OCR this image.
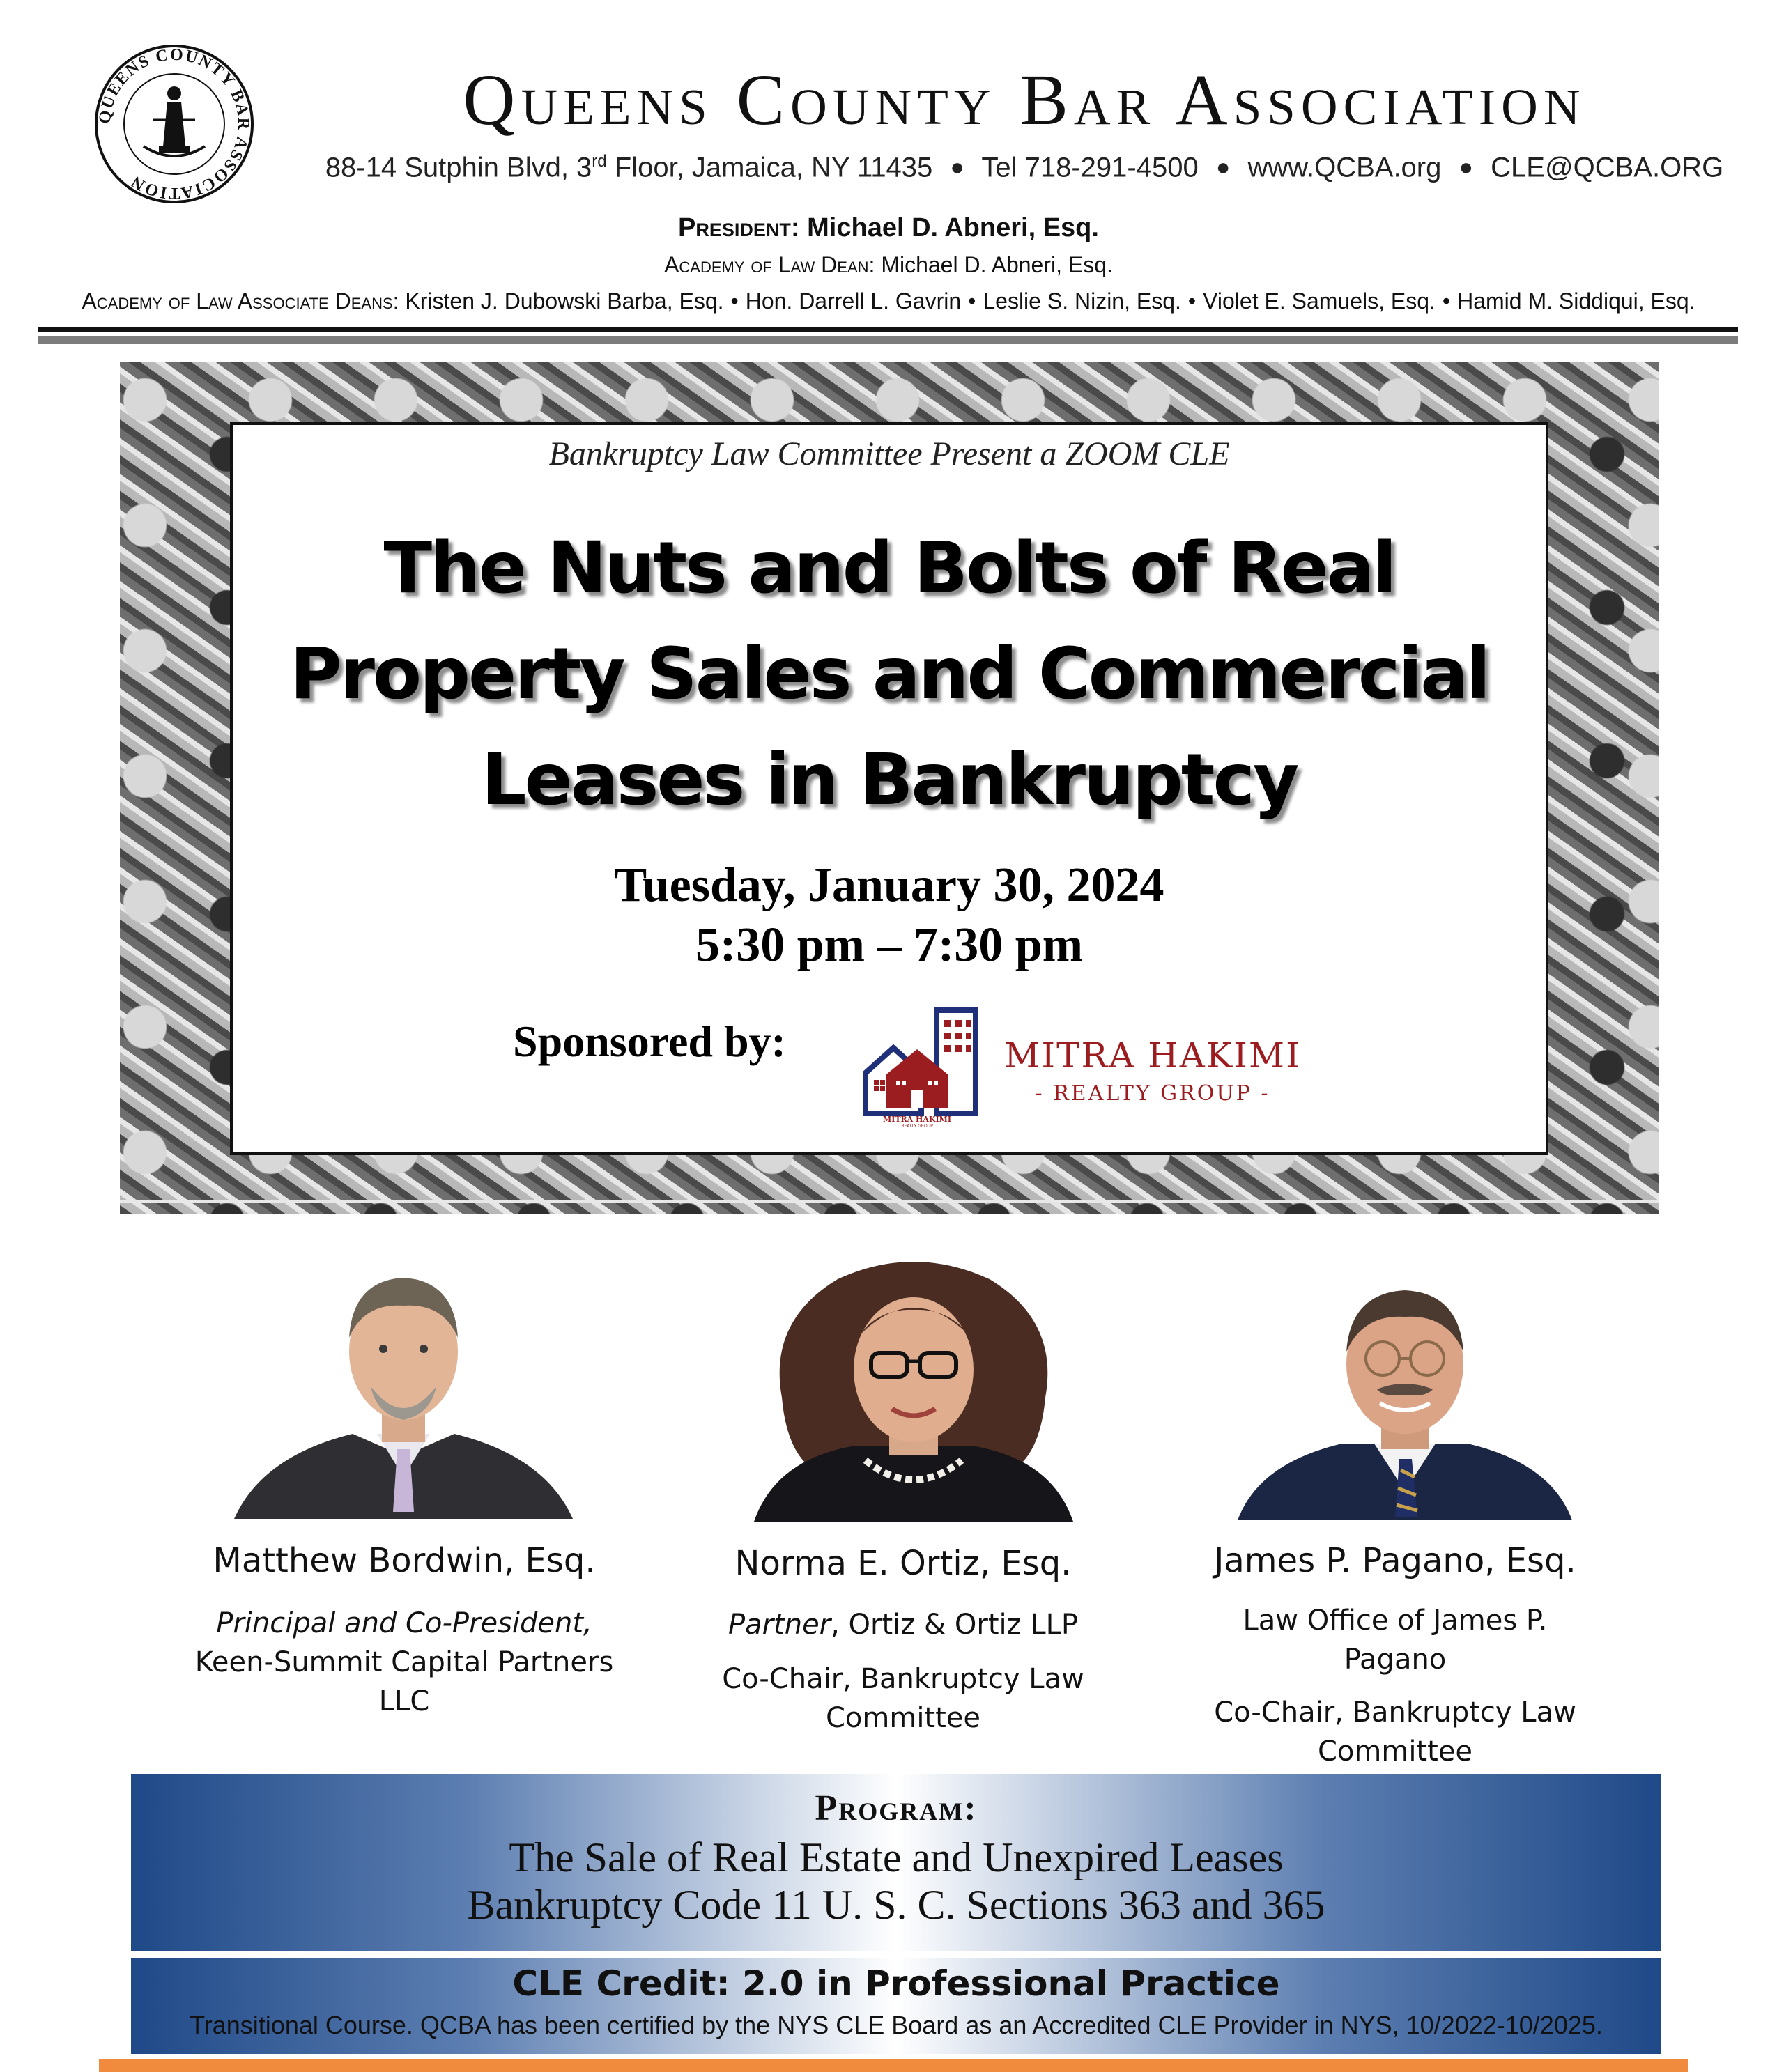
QUEENS COUNTY BAR ASSOCIATION
Queens County Bar Association
88-14 Sutphin Blvd, 3rd Floor, Jamaica, NY 11435 ● Tel 718-291-4500 ● www.QCBA.org ● CLE@QCBA.ORG
President: Michael D. Abneri, Esq.
Academy of Law Dean: Michael D. Abneri, Esq.
Academy of Law Associate Deans: Kristen J. Dubowski Barba, Esq. • Hon. Darrell L. Gavrin • Leslie S. Nizin, Esq. • Violet E. Samuels, Esq. • Hamid M. Siddiqui, Esq.
Bankruptcy Law Committee Present a ZOOM CLE
The Nuts and Bolts of Real
Property Sales and Commercial
Leases in Bankruptcy
Tuesday, January 30, 2024
5:30 pm – 7:30 pm
Sponsored by:
MITRA HAKIMI
REALTY GROUP
MITRA HAKIMI
- REALTY GROUP -
Matthew Bordwin, Esq.
Principal and Co-President,
Keen-Summit Capital Partners
LLC
Norma E. Ortiz, Esq.
Partner, Ortiz & Ortiz LLP
Co-Chair, Bankruptcy Law
Committee
James P. Pagano, Esq.
Law Office of James P.
Pagano
Co-Chair, Bankruptcy Law
Committee
Program:
The Sale of Real Estate and Unexpired Leases
Bankruptcy Code 11 U. S. C. Sections 363 and 365
CLE Credit: 2.0 in Professional Practice
Transitional Course. QCBA has been certified by the NYS CLE Board as an Accredited CLE Provider in NYS, 10/2022-10/2025.
